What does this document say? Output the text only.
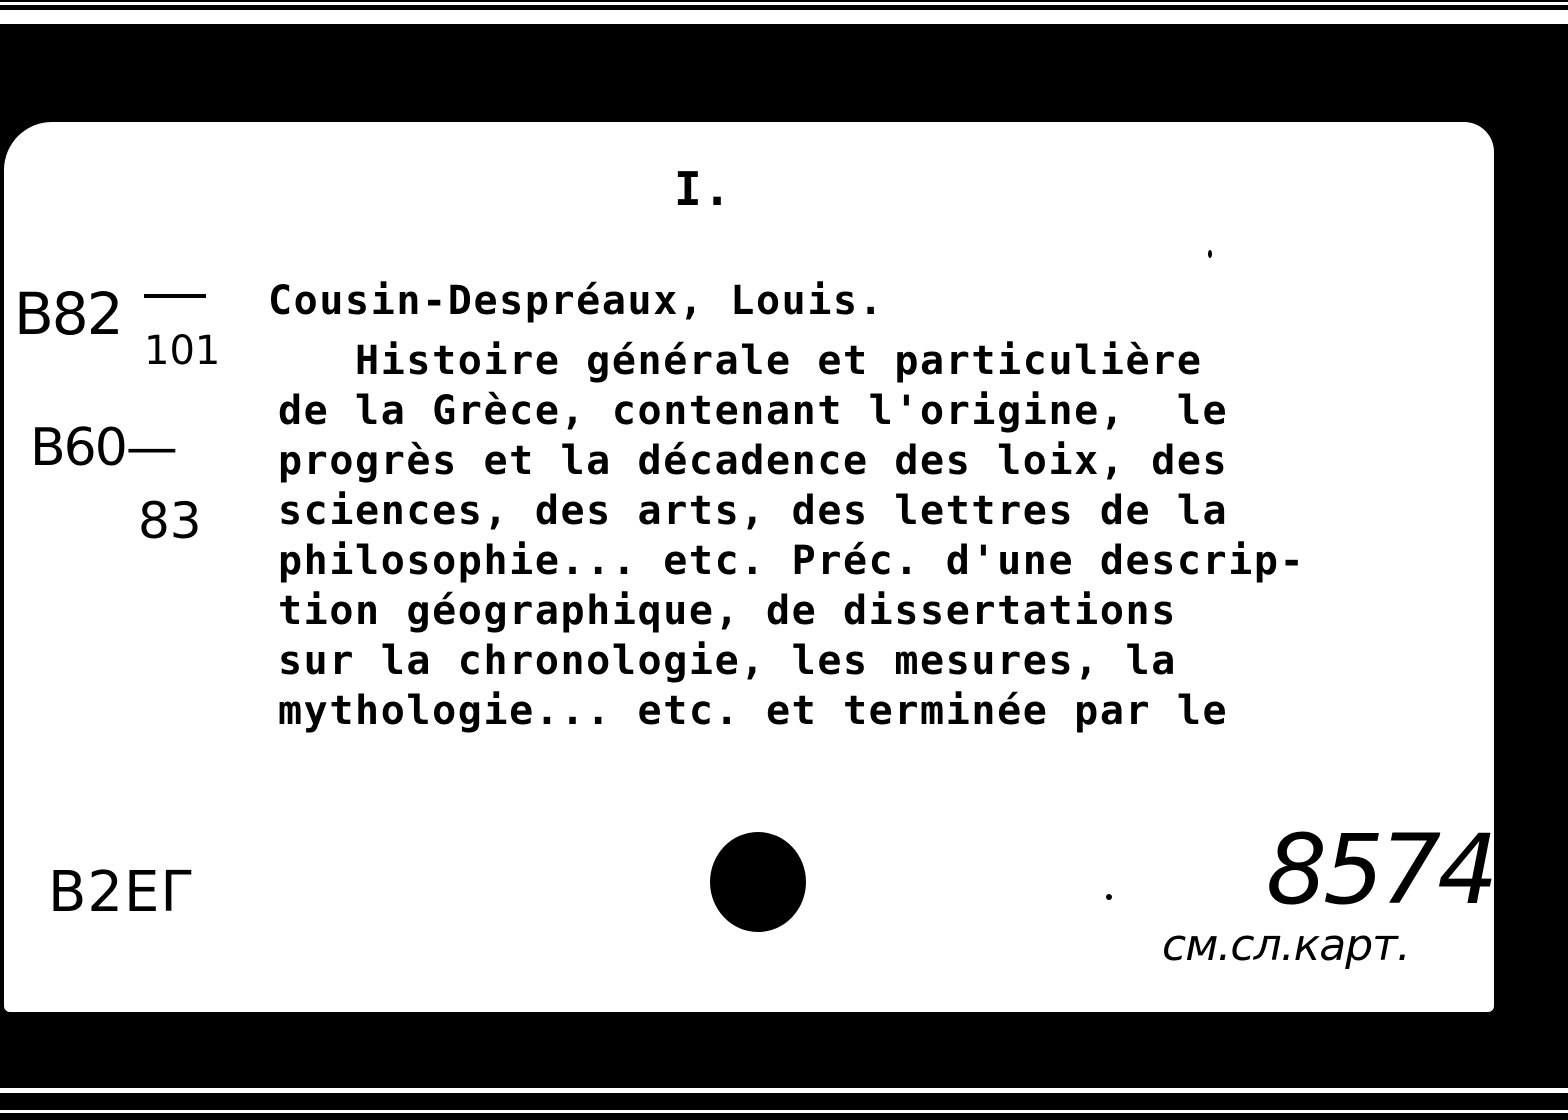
I.
B82
101
Cousin-Despréaux, Louis.
Histoire générale et particulière
de la Grèce, contenant l'origine,  le
progrès et la décadence des loix, des
sciences, des arts, des lettres de la
philosophie... etc. Préc. d'une descrip-
tion géographique, de dissertations
sur la chronologie, les mesures, la
mythologie... etc. et terminée par le
B60—
83
B2EΓ	8574
см.сл.карт.
